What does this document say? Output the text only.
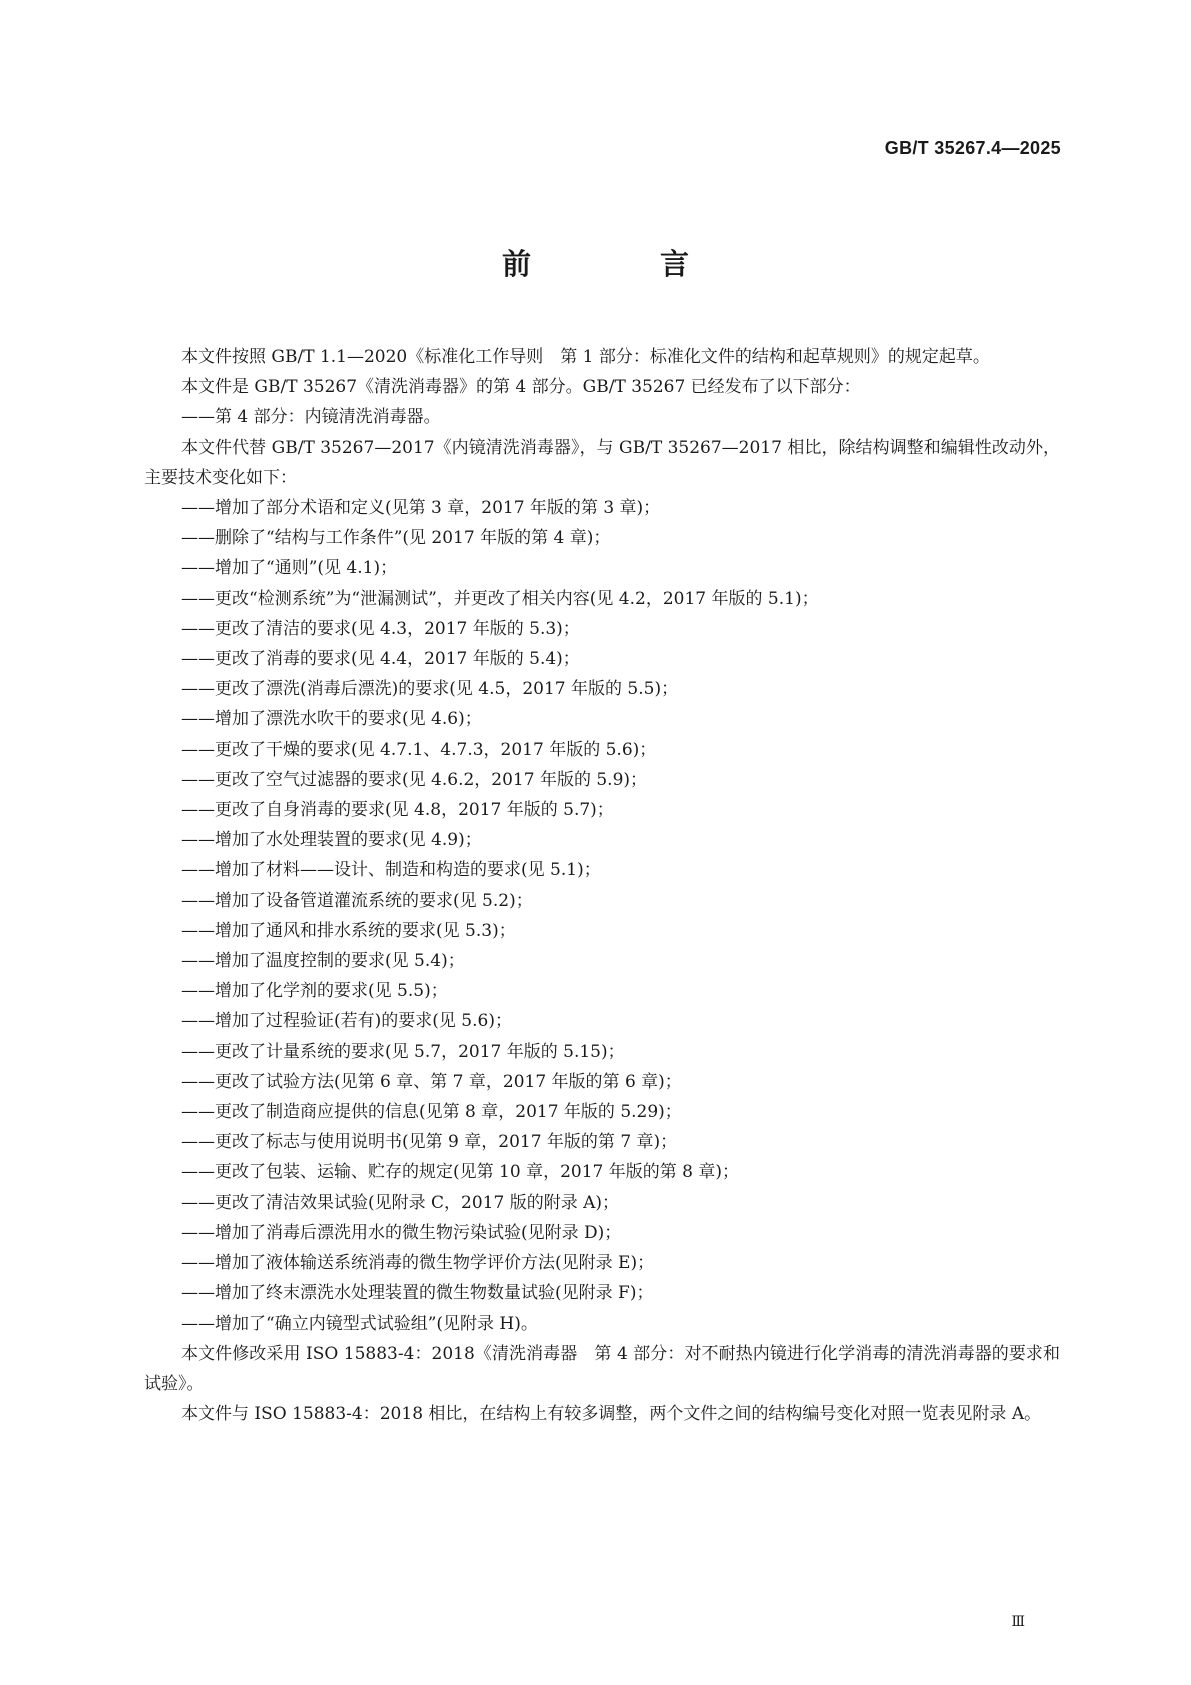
GB/T 35267.4—2025
前　言

本文件按照 GB/T 1.1—2020《标准化工作导则　第 1 部分：标准化文件的结构和起草规则》的规定起草。

本文件是 GB/T 35267《清洗消毒器》的第 4 部分。GB/T 35267 已经发布了以下部分：

——第 4 部分：内镜清洗消毒器。

本文件代替 GB/T 35267—2017《内镜清洗消毒器》，与 GB/T 35267—2017 相比，除结构调整和编辑性改动外，主要技术变化如下：

——增加了部分术语和定义(见第 3 章，2017 年版的第 3 章)；

——删除了“结构与工作条件”(见 2017 年版的第 4 章)；

——增加了“通则”(见 4.1)；

——更改“检测系统”为“泄漏测试”，并更改了相关内容(见 4.2，2017 年版的 5.1)；

——更改了清洁的要求(见 4.3，2017 年版的 5.3)；

——更改了消毒的要求(见 4.4，2017 年版的 5.4)；

——更改了漂洗(消毒后漂洗)的要求(见 4.5，2017 年版的 5.5)；

——增加了漂洗水吹干的要求(见 4.6)；

——更改了干燥的要求(见 4.7.1、4.7.3，2017 年版的 5.6)；

——更改了空气过滤器的要求(见 4.6.2，2017 年版的 5.9)；

——更改了自身消毒的要求(见 4.8，2017 年版的 5.7)；

——增加了水处理装置的要求(见 4.9)；

——增加了材料——设计、制造和构造的要求(见 5.1)；

——增加了设备管道灌流系统的要求(见 5.2)；

——增加了通风和排水系统的要求(见 5.3)；

——增加了温度控制的要求(见 5.4)；

——增加了化学剂的要求(见 5.5)；

——增加了过程验证(若有)的要求(见 5.6)；

——更改了计量系统的要求(见 5.7，2017 年版的 5.15)；

——更改了试验方法(见第 6 章、第 7 章，2017 年版的第 6 章)；

——更改了制造商应提供的信息(见第 8 章，2017 年版的 5.29)；

——更改了标志与使用说明书(见第 9 章，2017 年版的第 7 章)；

——更改了包装、运输、贮存的规定(见第 10 章，2017 年版的第 8 章)；

——更改了清洁效果试验(见附录 C，2017 版的附录 A)；

——增加了消毒后漂洗用水的微生物污染试验(见附录 D)；

——增加了液体输送系统消毒的微生物学评价方法(见附录 E)；

——增加了终末漂洗水处理装置的微生物数量试验(见附录 F)；

——增加了“确立内镜型式试验组”(见附录 H)。

本文件修改采用 ISO 15883-4：2018《清洗消毒器　第 4 部分：对不耐热内镜进行化学消毒的清洗消毒器的要求和试验》。

本文件与 ISO 15883-4：2018 相比，在结构上有较多调整，两个文件之间的结构编号变化对照一览表见附录 A。

Ⅲ
